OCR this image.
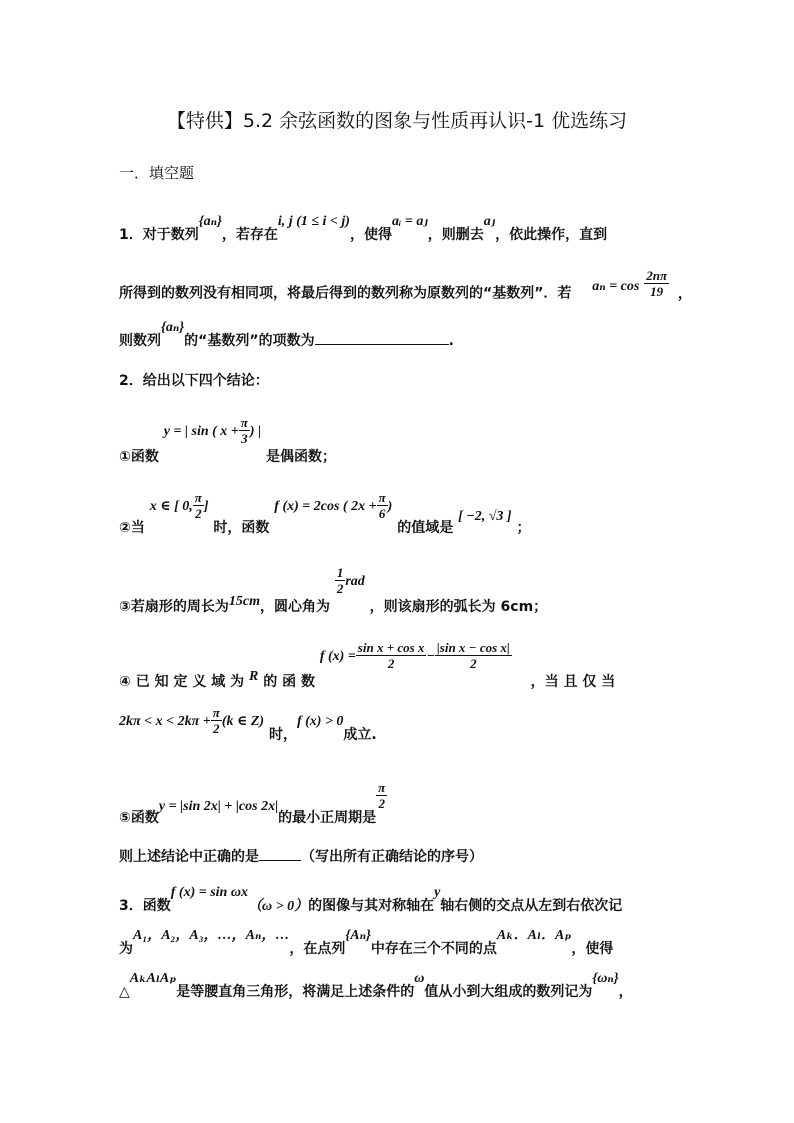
【特供】5.2 余弦函数的图象与性质再认识-1 优选练习
一．填空题
1．对于数列{aₙ}，若存在i, j (1 ≤ i < j)，使得aᵢ = aⱼ，则删去aⱼ，依此操作，直到
所得到的数列没有相同项，将最后得到的数列称为原数列的“基数列”．若 $a_n = \cos \frac{2n\pi}{19}$ ，
则数列{aₙ}的“基数列”的项数为	.
2．给出以下四个结论：
①函数 y = | sin ( $x + \frac{\pi}{3}$ ) | 是偶函数；
②当 x ∈ [ 0, $\frac{\pi}{2}$ ] 时，函数 f (x) = 2cos ( $2x + \frac{\pi}{6}$ ) 的值域是 [ −2, √3 ] ；
③若扇形的周长为15cm，圆心角为
$\frac{1}{2}$ rad ，则该扇形的弧长为 6cm；
④ 已 知 定 义 域 为 R 的 函 数 f $(x) = \frac{\text{sin x + cos x}}{2} - \frac{\text{|sin x − cos x|}}{2}$
，当 且 仅 当
$2k\pi < x < 2k\pi + \frac{\pi}{2} (k$ ∈ Z) 时，f (x) > 0成立.
⑤函数y = |sin 2x| + |cos 2x|的最小正周期是
$\frac{\pi}{2}$
则上述结论中正确的是	（写出所有正确结论的序号）
3．函数f (x) = sin ωx（ω > 0）的图像与其对称轴在y轴右侧的交点从左到右依次记
为A₁，A₂，A₃，…，Aₙ，…，在点列{Aₙ}中存在三个不同的点Aₖ．Aₗ．Aₚ，使得
△AₖAₗAₚ是等腰直角三角形，将满足上述条件的ω值从小到大组成的数列记为{ωₙ}，
